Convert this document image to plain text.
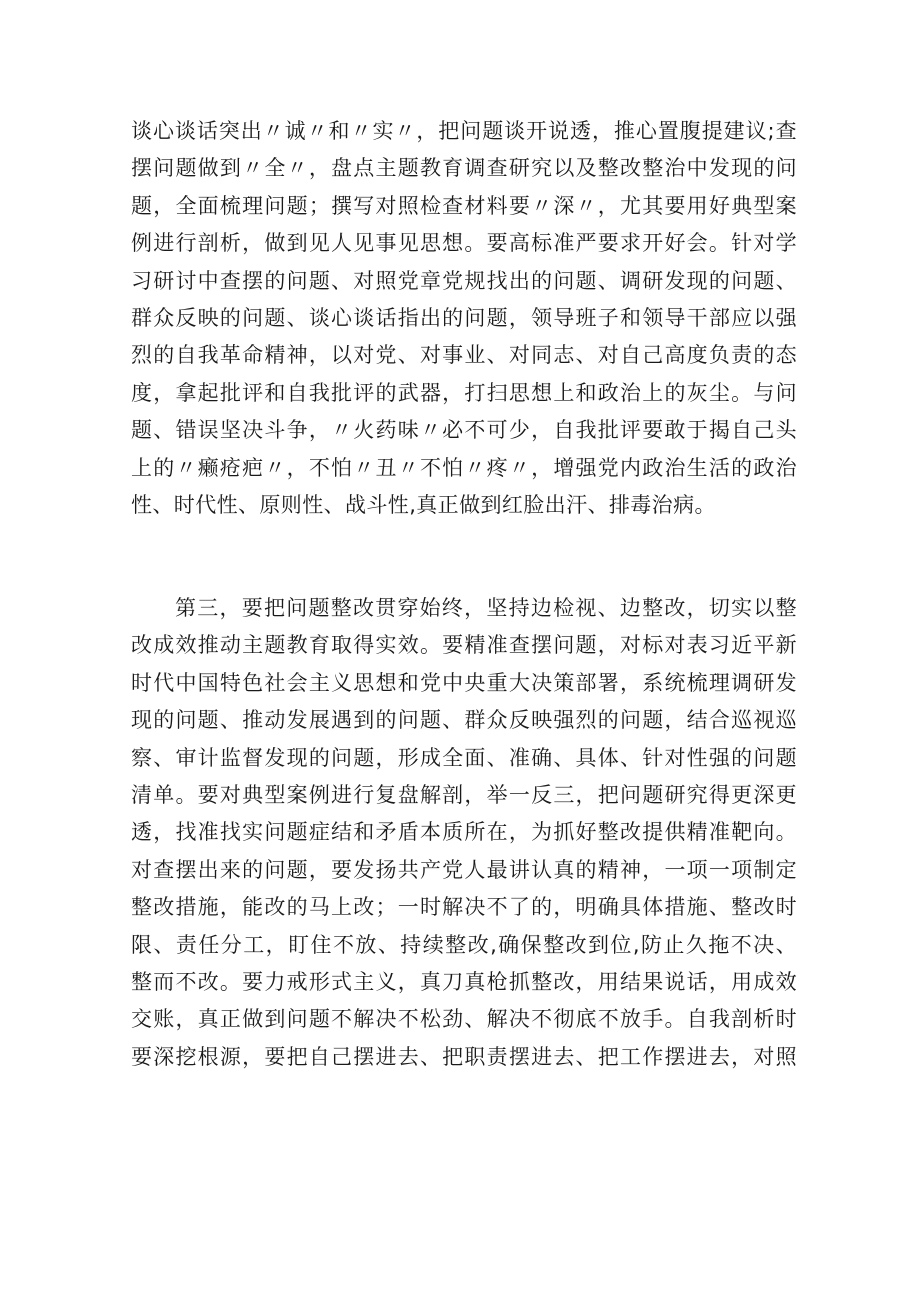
谈心谈话突出〃诚〃和〃实〃，把问题谈开说透，推心置腹提建议;查
摆问题做到〃全〃，盘点主题教育调查研究以及整改整治中发现的问
题，全面梳理问题；撰写对照检查材料要〃深〃，尤其要用好典型案
例进行剖析，做到见人见事见思想。要高标准严要求开好会。针对学
习研讨中查摆的问题、对照党章党规找出的问题、调研发现的问题、
群众反映的问题、谈心谈话指出的问题，领导班子和领导干部应以强
烈的自我革命精神，以对党、对事业、对同志、对自己高度负责的态
度，拿起批评和自我批评的武器，打扫思想上和政治上的灰尘。与问
题、错误坚决斗争，〃火药味〃必不可少，自我批评要敢于揭自己头
上的〃癞疮疤〃，不怕〃丑〃不怕〃疼〃，增强党内政治生活的政治
性、时代性、原则性、战斗性,真正做到红脸出汗、排毒治病。
第三，要把问题整改贯穿始终，坚持边检视、边整改，切实以整
改成效推动主题教育取得实效。要精准查摆问题，对标对表习近平新
时代中国特色社会主义思想和党中央重大决策部署，系统梳理调研发
现的问题、推动发展遇到的问题、群众反映强烈的问题，结合巡视巡
察、审计监督发现的问题，形成全面、准确、具体、针对性强的问题
清单。要对典型案例进行复盘解剖，举一反三，把问题研究得更深更
透，找准找实问题症结和矛盾本质所在，为抓好整改提供精准靶向。
对查摆出来的问题，要发扬共产党人最讲认真的精神，一项一项制定
整改措施，能改的马上改；一时解决不了的，明确具体措施、整改时
限、责任分工，盯住不放、持续整改,确保整改到位,防止久拖不决、
整而不改。要力戒形式主义，真刀真枪抓整改，用结果说话，用成效
交账，真正做到问题不解决不松劲、解决不彻底不放手。自我剖析时
要深挖根源，要把自己摆进去、把职责摆进去、把工作摆进去，对照
